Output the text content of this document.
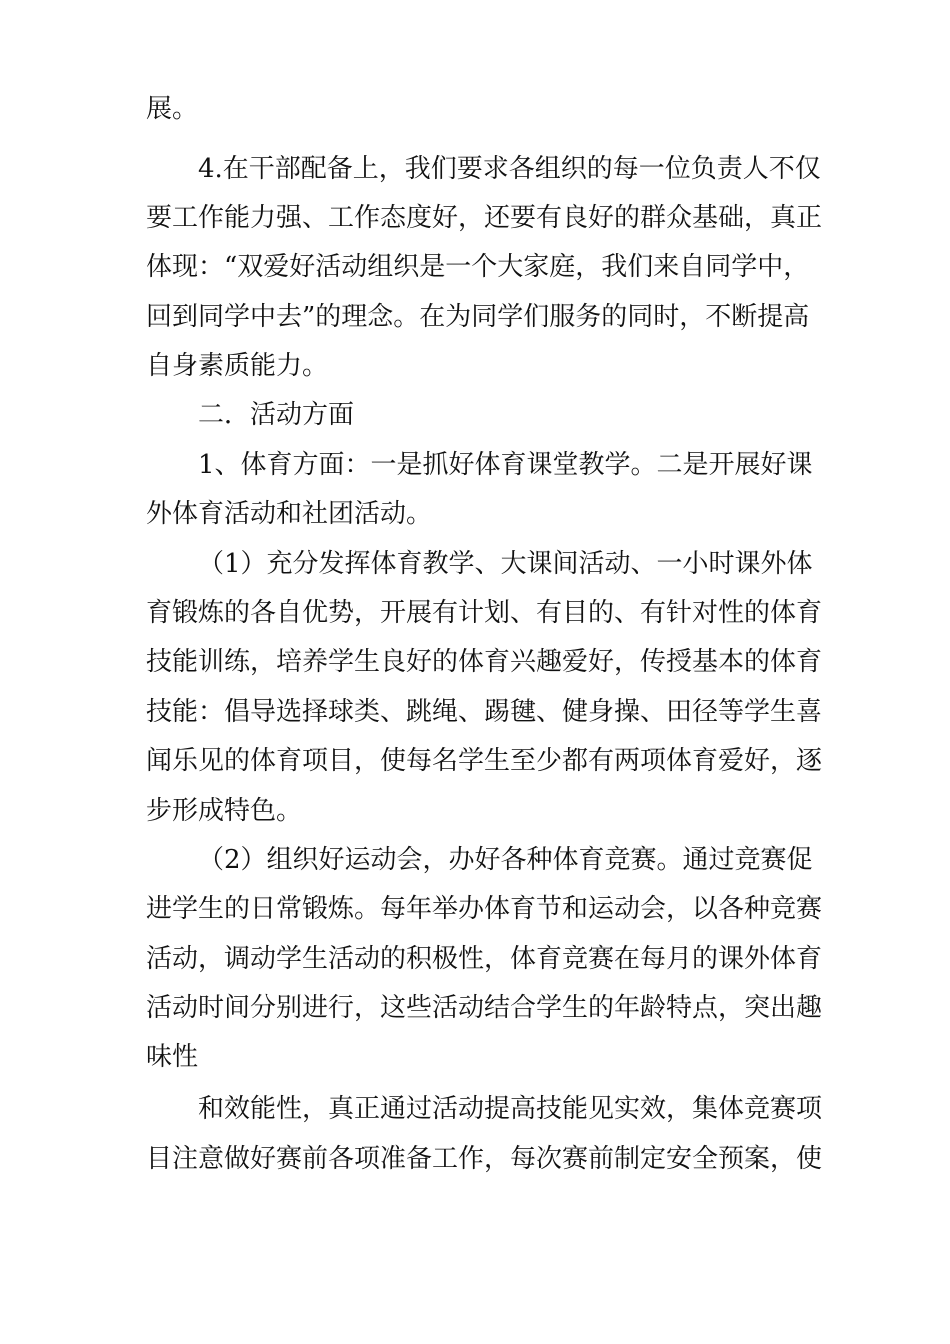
展。
4.在干部配备上，我们要求各组织的每一位负责人不仅
要工作能力强、工作态度好，还要有良好的群众基础，真正
体现：“双爱好活动组织是一个大家庭，我们来自同学中，
回到同学中去”的理念。在为同学们服务的同时，不断提高
自身素质能力。
二．活动方面
1、体育方面：一是抓好体育课堂教学。二是开展好课
外体育活动和社团活动。
（1）充分发挥体育教学、大课间活动、一小时课外体
育锻炼的各自优势，开展有计划、有目的、有针对性的体育
技能训练，培养学生良好的体育兴趣爱好，传授基本的体育
技能：倡导选择球类、跳绳、踢毽、健身操、田径等学生喜
闻乐见的体育项目，使每名学生至少都有两项体育爱好，逐
步形成特色。
（2）组织好运动会，办好各种体育竞赛。通过竞赛促
进学生的日常锻炼。每年举办体育节和运动会，以各种竞赛
活动，调动学生活动的积极性，体育竞赛在每月的课外体育
活动时间分别进行，这些活动结合学生的年龄特点，突出趣
味性
和效能性，真正通过活动提高技能见实效，集体竞赛项
目注意做好赛前各项准备工作，每次赛前制定安全预案，使
